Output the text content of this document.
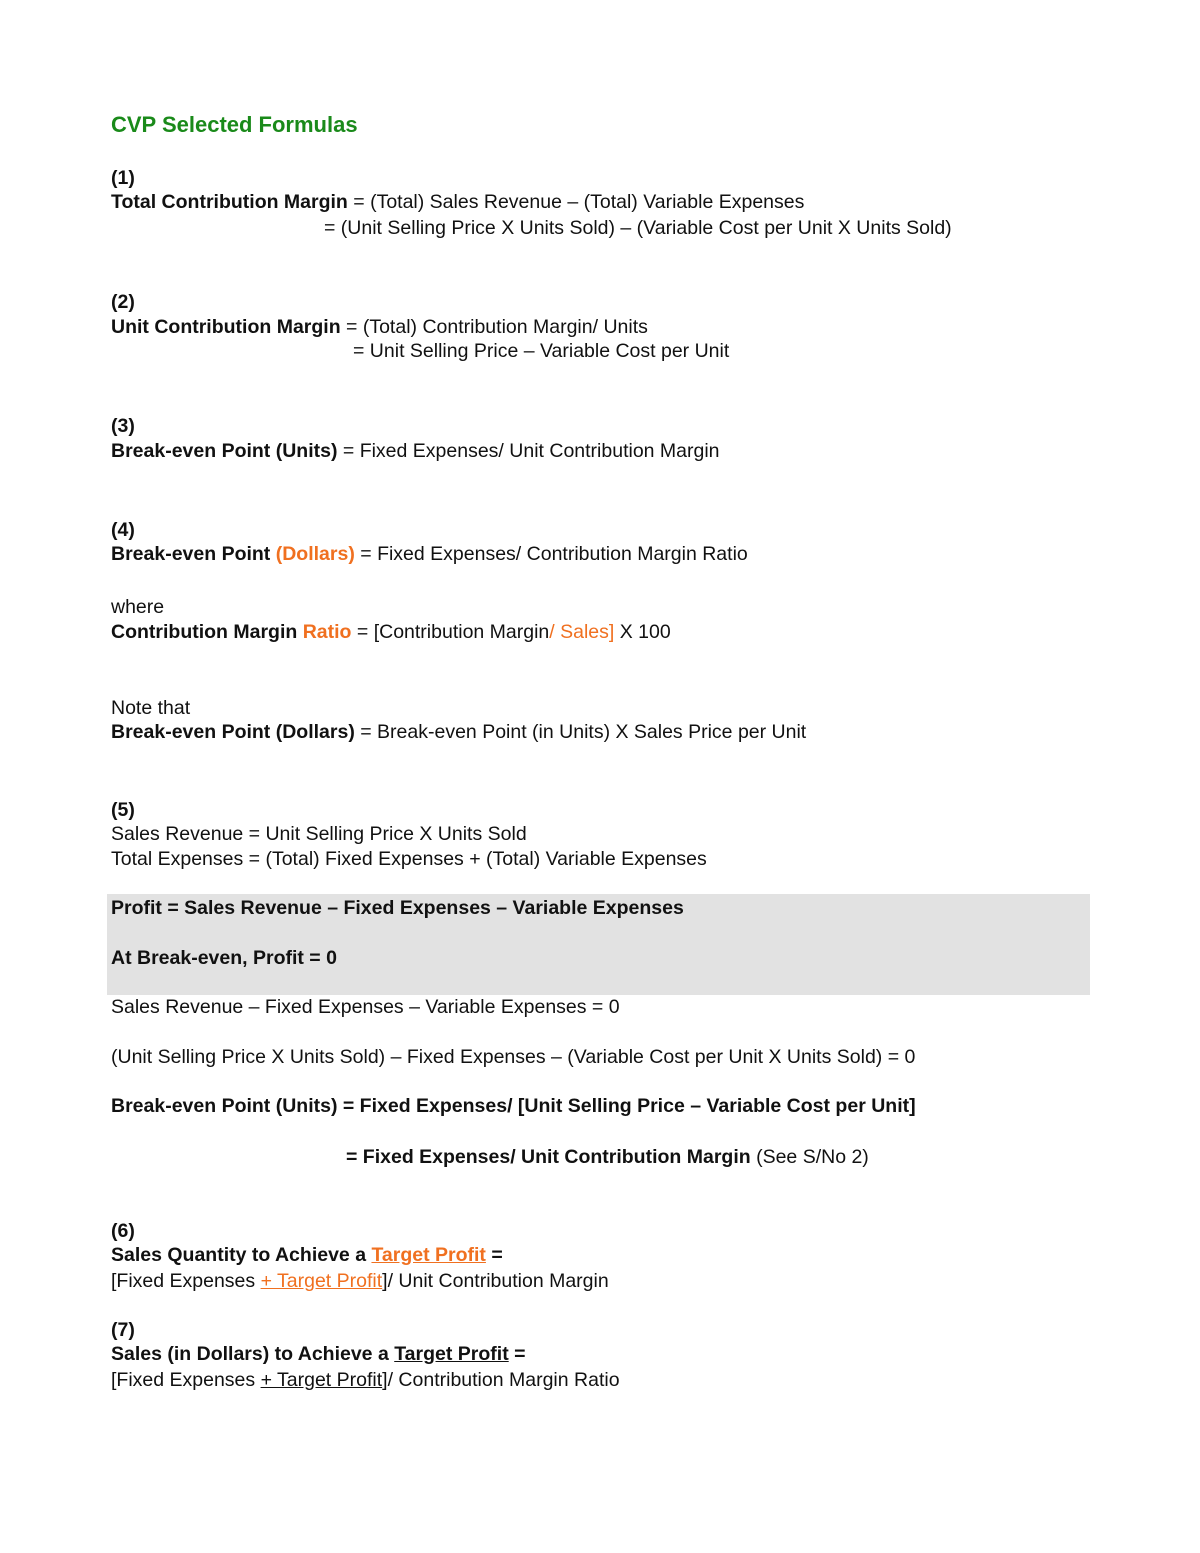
CVP Selected Formulas
(1)
Total Contribution Margin = (Total) Sales Revenue – (Total) Variable Expenses
= (Unit Selling Price X Units Sold) – (Variable Cost per Unit X Units Sold)
(2)
Unit Contribution Margin = (Total) Contribution Margin/ Units
= Unit Selling Price – Variable Cost per Unit
(3)
Break-even Point (Units) = Fixed Expenses/ Unit Contribution Margin
(4)
Break-even Point (Dollars) = Fixed Expenses/ Contribution Margin Ratio
where
Contribution Margin Ratio = [Contribution Margin/ Sales] X 100
Note that
Break-even Point (Dollars) = Break-even Point (in Units) X Sales Price per Unit
(5)
Sales Revenue = Unit Selling Price X Units Sold
Total Expenses = (Total) Fixed Expenses + (Total) Variable Expenses
Profit = Sales Revenue – Fixed Expenses – Variable Expenses
At Break-even, Profit = 0
Sales Revenue – Fixed Expenses – Variable Expenses = 0
(Unit Selling Price X Units Sold) – Fixed Expenses – (Variable Cost per Unit X Units Sold) = 0
Break-even Point (Units) = Fixed Expenses/ [Unit Selling Price – Variable Cost per Unit]
= Fixed Expenses/ Unit Contribution Margin (See S/No 2)
(6)
Sales Quantity to Achieve a Target Profit =
[Fixed Expenses + Target Profit]/ Unit Contribution Margin
(7)
Sales (in Dollars) to Achieve a Target Profit =
[Fixed Expenses + Target Profit]/ Contribution Margin Ratio
